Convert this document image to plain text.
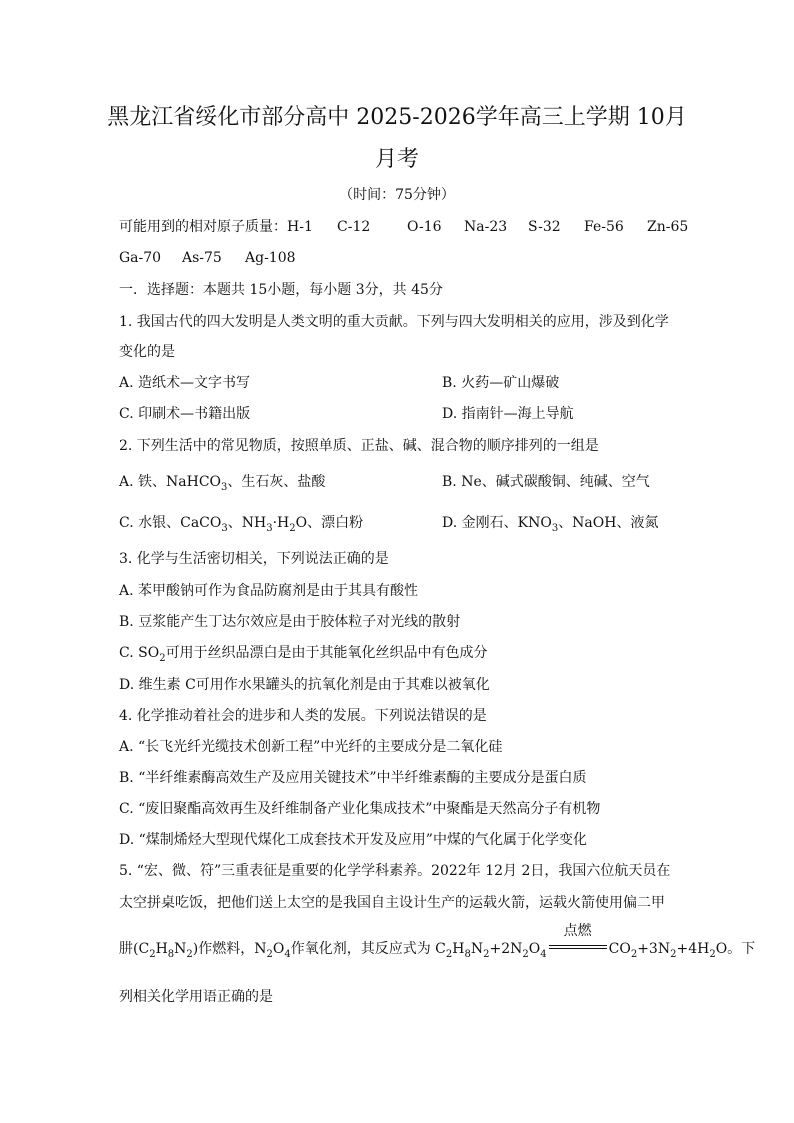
黑龙江省绥化市部分高中 2025-2026学年高三上学期 10月
月考
（时间：75分钟）
可能用到的相对原子质量：H-1 C-12	O-16 Na-23 S-32 Fe-56 Zn-65
Ga-70 As-75 Ag-108
一．选择题：本题共 15小题，每小题 3分，共 45分
1. 我国古代的四大发明是人类文明的重大贡献。下列与四大发明相关的应用，涉及到化学
变化的是
A. 造纸术—文字书写	B. 火药—矿山爆破
C. 印刷术—书籍出版	D. 指南针—海上导航
2. 下列生活中的常见物质，按照单质、正盐、碱、混合物的顺序排列的一组是
A. 铁、NaHCO$_3$、生石灰、盐酸	B. Ne、碱式碳酸铜、纯碱、空气
C. 水银、CaCO$_3$、$NH_3\cdot H_2O$、漂白粉	D. 金刚石、$KNO_3$、NaOH、液氮
3. 化学与生活密切相关，下列说法正确的是
A. 苯甲酸钠可作为食品防腐剂是由于其具有酸性
B. 豆浆能产生丁达尔效应是由于胶体粒子对光线的散射
C. $SO_2$可用于丝织品漂白是由于其能氧化丝织品中有色成分
D. 维生素 C可用作水果罐头的抗氧化剂是由于其难以被氧化
4. 化学推动着社会的进步和人类的发展。下列说法错误的是
A. “长飞光纤光缆技术创新工程”中光纤的主要成分是二氧化硅
B. “半纤维素酶高效生产及应用关键技术”中半纤维素酶的主要成分是蛋白质
C. “废旧聚酯高效再生及纤维制备产业化集成技术”中聚酯是天然高分子有机物
D. “煤制烯烃大型现代煤化工成套技术开发及应用”中煤的气化属于化学变化
5. “宏、微、符”三重表征是重要的化学学科素养。2022年 12月 2日，我国六位航天员在
太空拼桌吃饭，把他们送上太空的是我国自主设计生产的运载火箭，运载火箭使用偏二甲
肼$(C_2H_8N_2)$作燃料，$N_2O_4$作氧化剂，其反应式为 $C_2H_8N_2+2N_2O_4$
点燃
$CO_2+3N_2+4H_2O$。下
列相关化学用语正确的是
